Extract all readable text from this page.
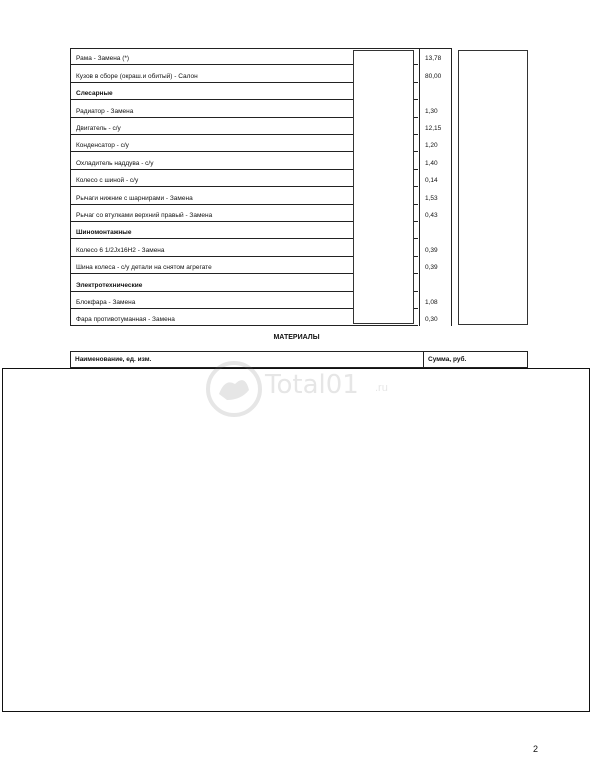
Рама - Замена (*)	13,78
Кузов в сборе (окраш.и обитый) - Салон	80,00
Слесарные
Радиатор - Замена	1,30
Двигатель - с/у	12,15
Конденсатор - с/у	1,20
Охладитель наддува - с/у	1,40
Колесо с шиной - с/у	0,14
Рычаги нижние с шарнирами - Замена	1,53
Рычаг со втулками верхний правый - Замена	0,43
Шиномонтажные
Колесо 6 1/2Jx16H2 - Замена	0,39
Шина колеса - с/у детали на снятом агрегате	0,39
Электротехнические
Блокфара - Замена	1,08
Фара противотуманная - Замена	0,30
МАТЕРИАЛЫ
Наименование, ед. изм.	Сумма, руб.
Total01 .ru
2
